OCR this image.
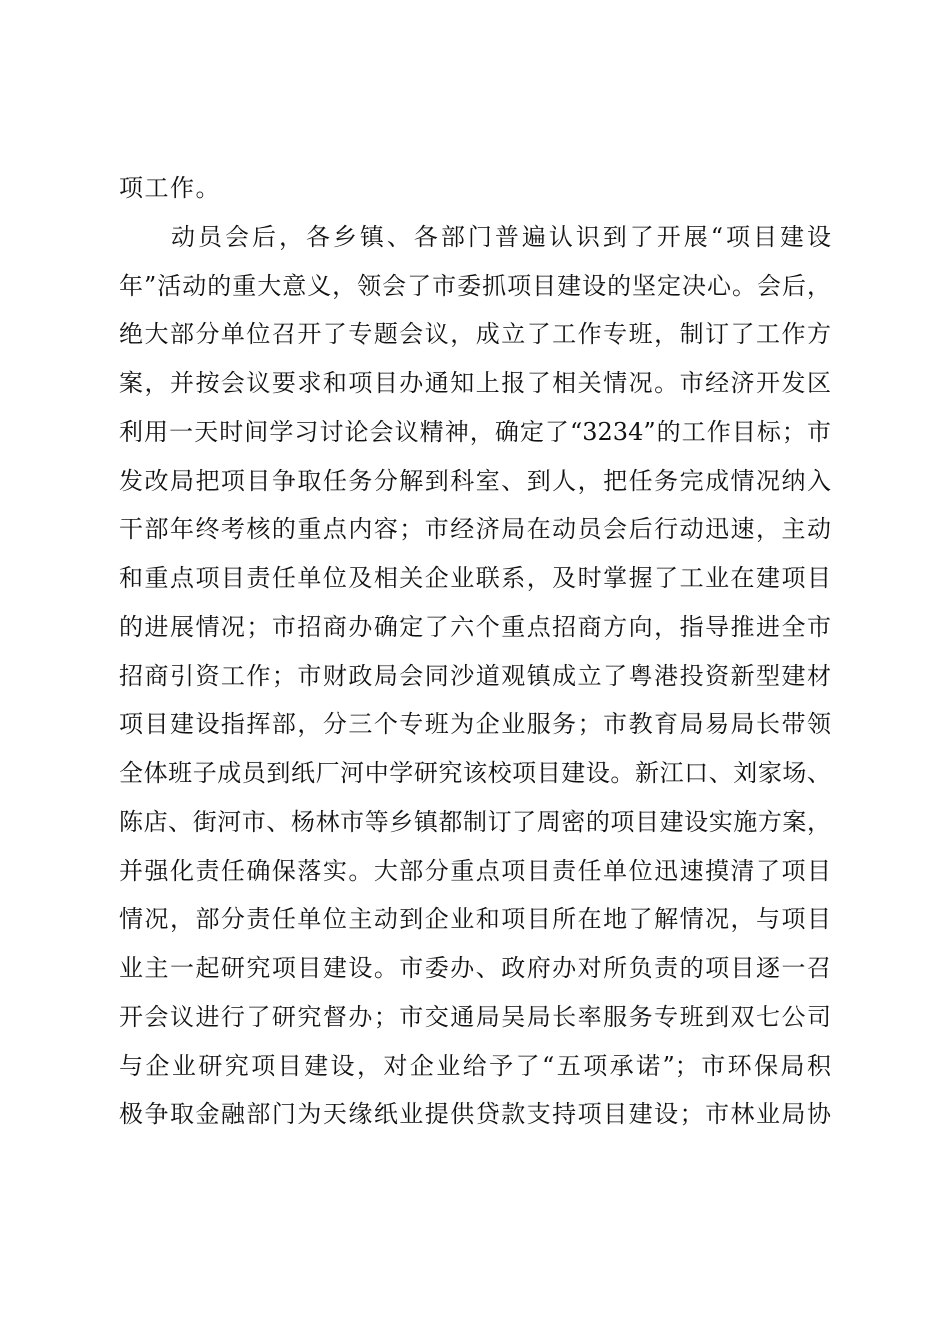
项工作。
动员会后，各乡镇、各部门普遍认识到了开展“项目建设
年”活动的重大意义，领会了市委抓项目建设的坚定决心。会后，
绝大部分单位召开了专题会议，成立了工作专班，制订了工作方
案，并按会议要求和项目办通知上报了相关情况。市经济开发区
利用一天时间学习讨论会议精神，确定了“3234”的工作目标；市
发改局把项目争取任务分解到科室、到人，把任务完成情况纳入
干部年终考核的重点内容；市经济局在动员会后行动迅速，主动
和重点项目责任单位及相关企业联系，及时掌握了工业在建项目
的进展情况；市招商办确定了六个重点招商方向，指导推进全市
招商引资工作；市财政局会同沙道观镇成立了粤港投资新型建材
项目建设指挥部，分三个专班为企业服务；市教育局易局长带领
全体班子成员到纸厂河中学研究该校项目建设。新江口、刘家场、
陈店、街河市、杨林市等乡镇都制订了周密的项目建设实施方案，
并强化责任确保落实。大部分重点项目责任单位迅速摸清了项目
情况，部分责任单位主动到企业和项目所在地了解情况，与项目
业主一起研究项目建设。市委办、政府办对所负责的项目逐一召
开会议进行了研究督办；市交通局吴局长率服务专班到双七公司
与企业研究项目建设，对企业给予了“五项承诺”；市环保局积
极争取金融部门为天缘纸业提供贷款支持项目建设；市林业局协
